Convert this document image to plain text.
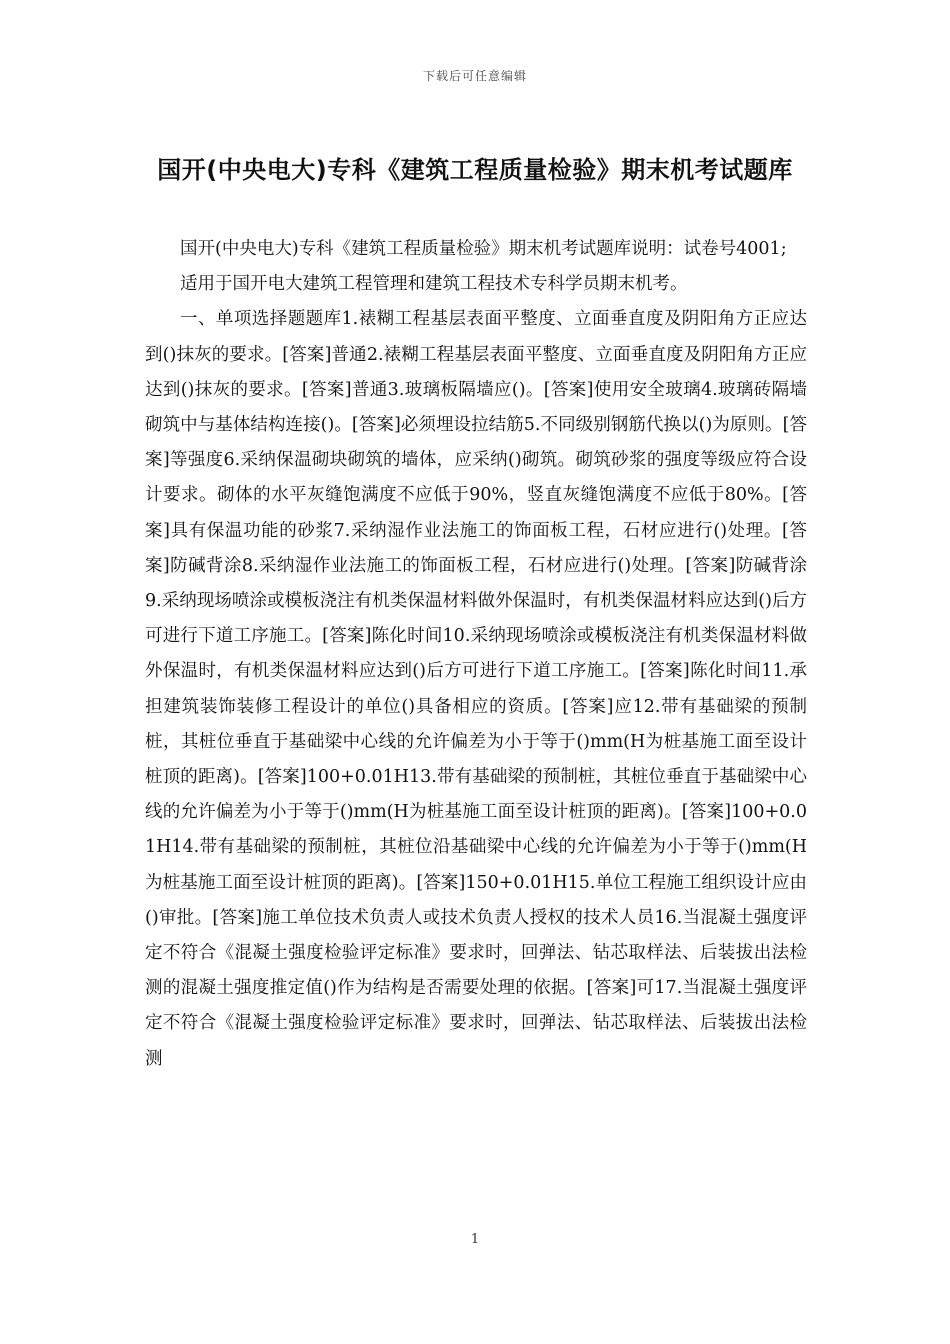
下载后可任意编辑
国开(中央电大)专科《建筑工程质量检验》期末机考试题库

国开(中央电大)专科《建筑工程质量检验》期末机考试题库说明：试卷号4001;

适用于国开电大建筑工程管理和建筑工程技术专科学员期末机考。

一、单项选择题题库1.裱糊工程基层表面平整度、立面垂直度及阴阳角方正应达到()抹灰的要求。[答案]普通2.裱糊工程基层表面平整度、立面垂直度及阴阳角方正应达到()抹灰的要求。[答案]普通3.玻璃板隔墙应()。[答案]使用安全玻璃4.玻璃砖隔墙砌筑中与基体结构连接()。[答案]必须埋设拉结筋5.不同级别钢筋代换以()为原则。[答案]等强度6.采纳保温砌块砌筑的墙体，应采纳()砌筑。砌筑砂浆的强度等级应符合设计要求。砌体的水平灰缝饱满度不应低于90%，竖直灰缝饱满度不应低于80%。[答案]具有保温功能的砂浆7.采纳湿作业法施工的饰面板工程，石材应进行()处理。[答案]防碱背涂8.采纳湿作业法施工的饰面板工程，石材应进行()处理。[答案]防碱背涂9.采纳现场喷涂或模板浇注有机类保温材料做外保温时，有机类保温材料应达到()后方可进行下道工序施工。[答案]陈化时间10.采纳现场喷涂或模板浇注有机类保温材料做外保温时，有机类保温材料应达到()后方可进行下道工序施工。[答案]陈化时间11.承担建筑装饰装修工程设计的单位()具备相应的资质。[答案]应12.带有基础梁的预制桩，其桩位垂直于基础梁中心线的允许偏差为小于等于()mm(H为桩基施工面至设计桩顶的距离)。[答案]100+0.01H13.带有基础梁的预制桩，其桩位垂直于基础梁中心线的允许偏差为小于等于()mm(H为桩基施工面至设计桩顶的距离)。[答案]100+0.01H14.带有基础梁的预制桩，其桩位沿基础梁中心线的允许偏差为小于等于()mm(H为桩基施工面至设计桩顶的距离)。[答案]150+0.01H15.单位工程施工组织设计应由()审批。[答案]施工单位技术负责人或技术负责人授权的技术人员16.当混凝土强度评定不符合《混凝土强度检验评定标准》要求时，回弹法、钻芯取样法、后装拔出法检测的混凝土强度推定值()作为结构是否需要处理的依据。[答案]可17.当混凝土强度评定不符合《混凝土强度检验评定标准》要求时，回弹法、钻芯取样法、后装拔出法检测

1
